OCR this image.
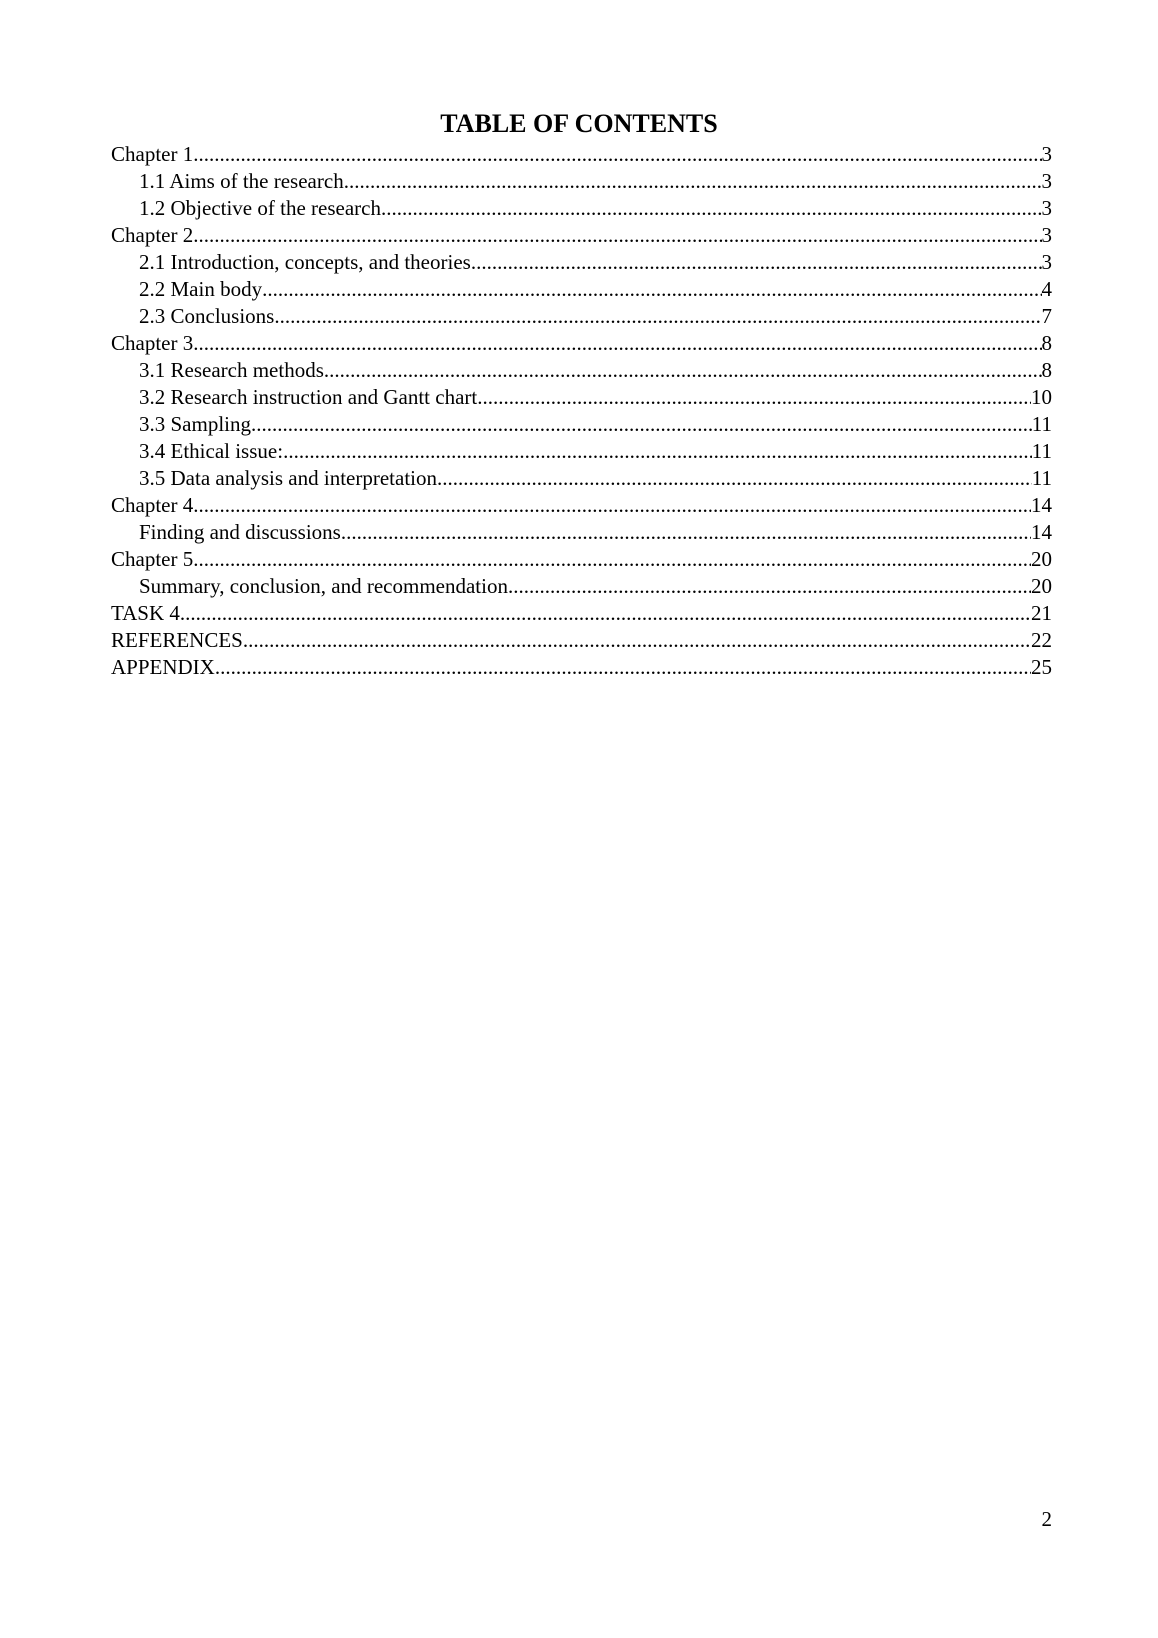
TABLE OF CONTENTS
Chapter 1 .....	3
1.1 Aims of the research .....	3
1.2 Objective of the research .....	3
Chapter 2 .....	3
2.1 Introduction, concepts, and theories .....	3
2.2 Main body .....	4
2.3 Conclusions .....	7
Chapter 3 .....	8
3.1 Research methods .....	8
3.2 Research instruction and Gantt chart .....	10
3.3 Sampling .....	11
3.4 Ethical issue: .....	11
3.5 Data analysis and interpretation .....	11
Chapter 4 .....	14
Finding and discussions .....	14
Chapter 5 .....	20
Summary, conclusion, and recommendation .....	20
TASK 4 .....	21
REFERENCES .....	22
APPENDIX .....	25
2
